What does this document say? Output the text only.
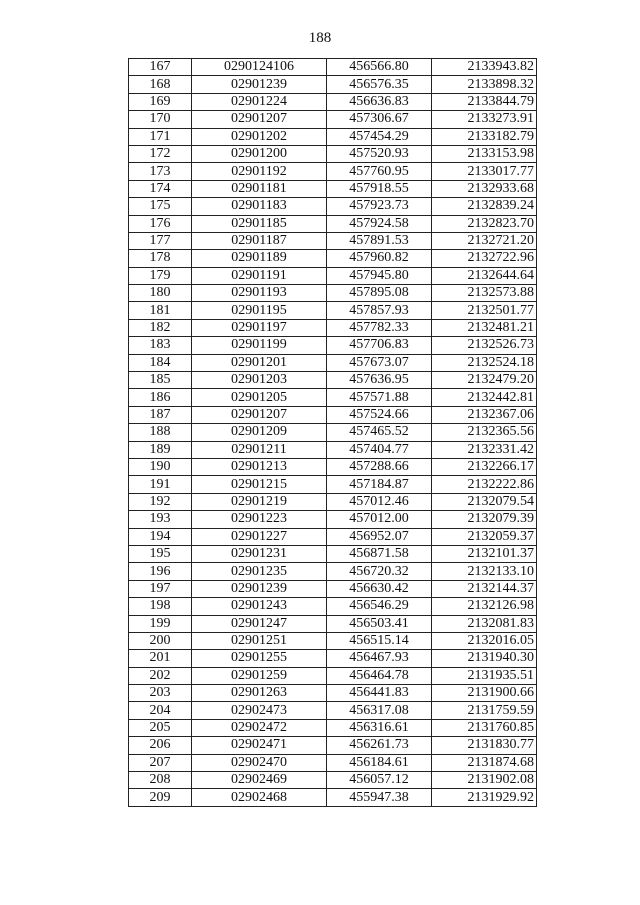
188
167	0290124106	456566.80	2133943.82
168	02901239	456576.35	2133898.32
169	02901224	456636.83	2133844.79
170	02901207	457306.67	2133273.91
171	02901202	457454.29	2133182.79
172	02901200	457520.93	2133153.98
173	02901192	457760.95	2133017.77
174	02901181	457918.55	2132933.68
175	02901183	457923.73	2132839.24
176	02901185	457924.58	2132823.70
177	02901187	457891.53	2132721.20
178	02901189	457960.82	2132722.96
179	02901191	457945.80	2132644.64
180	02901193	457895.08	2132573.88
181	02901195	457857.93	2132501.77
182	02901197	457782.33	2132481.21
183	02901199	457706.83	2132526.73
184	02901201	457673.07	2132524.18
185	02901203	457636.95	2132479.20
186	02901205	457571.88	2132442.81
187	02901207	457524.66	2132367.06
188	02901209	457465.52	2132365.56
189	02901211	457404.77	2132331.42
190	02901213	457288.66	2132266.17
191	02901215	457184.87	2132222.86
192	02901219	457012.46	2132079.54
193	02901223	457012.00	2132079.39
194	02901227	456952.07	2132059.37
195	02901231	456871.58	2132101.37
196	02901235	456720.32	2132133.10
197	02901239	456630.42	2132144.37
198	02901243	456546.29	2132126.98
199	02901247	456503.41	2132081.83
200	02901251	456515.14	2132016.05
201	02901255	456467.93	2131940.30
202	02901259	456464.78	2131935.51
203	02901263	456441.83	2131900.66
204	02902473	456317.08	2131759.59
205	02902472	456316.61	2131760.85
206	02902471	456261.73	2131830.77
207	02902470	456184.61	2131874.68
208	02902469	456057.12	2131902.08
209	02902468	455947.38	2131929.92
